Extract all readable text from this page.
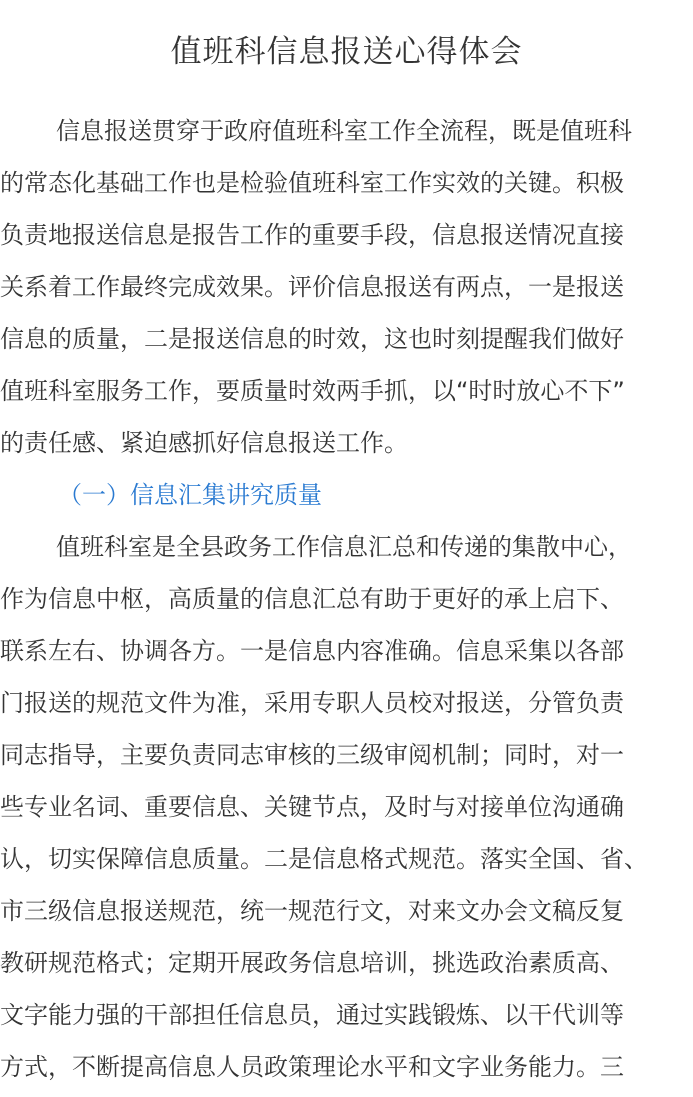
值班科信息报送心得体会
信息报送贯穿于政府值班科室工作全流程，既是值班科
的常态化基础工作也是检验值班科室工作实效的关键。积极
负责地报送信息是报告工作的重要手段，信息报送情况直接
关系着工作最终完成效果。评价信息报送有两点，一是报送
信息的质量，二是报送信息的时效，这也时刻提醒我们做好
值班科室服务工作，要质量时效两手抓，以“时时放心不下”
的责任感、紧迫感抓好信息报送工作。
（一）信息汇集讲究质量
值班科室是全县政务工作信息汇总和传递的集散中心，
作为信息中枢，高质量的信息汇总有助于更好的承上启下、
联系左右、协调各方。一是信息内容准确。信息采集以各部
门报送的规范文件为准，采用专职人员校对报送，分管负责
同志指导，主要负责同志审核的三级审阅机制；同时，对一
些专业名词、重要信息、关键节点，及时与对接单位沟通确
认，切实保障信息质量。二是信息格式规范。落实全国、省、
市三级信息报送规范，统一规范行文，对来文办会文稿反复
教研规范格式；定期开展政务信息培训，挑选政治素质高、
文字能力强的干部担任信息员，通过实践锻炼、以干代训等
方式，不断提高信息人员政策理论水平和文字业务能力。三
